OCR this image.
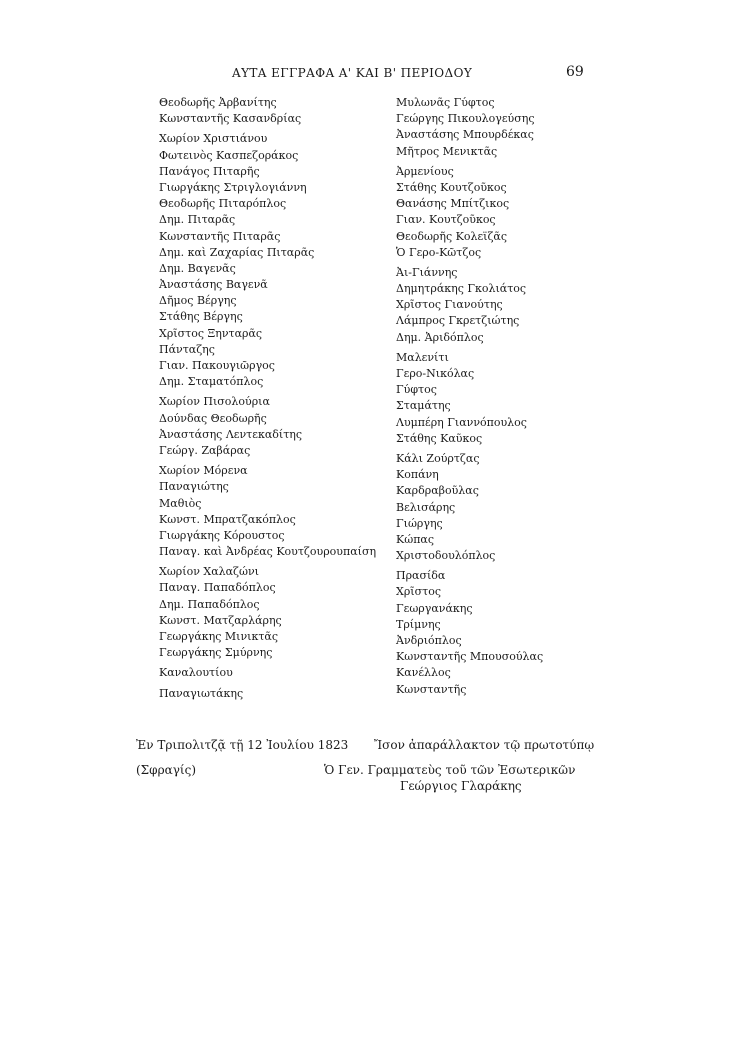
ΑΥΤΑ ΕΓΓΡΑΦΑ Α' ΚΑΙ Β' ΠΕΡΙΟΔΟΥ	69
Θεοδωρῆς Ἀρβανίτης
Κωνσταντῆς Κασανδρίας
Χωρίον Χριστιάνου
Φωτεινὸς Κασπεζοράκος
Πανάγος Πιταρῆς
Γιωργάκης Στριγλογιάννη
Θεοδωρῆς Πιταρόπλος
Δημ. Πιταρᾶς
Κωνσταντῆς Πιταρᾶς
Δημ. καὶ Ζαχαρίας Πιταρᾶς
Δημ. Βαγενᾶς
Ἀναστάσης Βαγενᾶ
Δῆμος Βέργης
Στάθης Βέργης
Χρῖστος Ξηνταρᾶς
Πάνταζης
Γιαν. Πακουγιῶργος
Δημ. Σταματόπλος
Χωρίον Πισολούρια
Δούνδας Θεοδωρῆς
Ἀναστάσης Λεντεκαδίτης
Γεώργ. Ζαβάρας
Χωρίον Μόρενα
Παναγιώτης
Μαθιὸς
Κωνστ. Μπρατζακόπλος
Γιωργάκης Κόρουστος
Παναγ. καὶ Ἀνδρέας Κουτζουρουπαίση
Χωρίον Χαλαζώνι
Παναγ. Παπαδόπλος
Δημ. Παπαδόπλος
Κωνστ. Ματζαρλάρης
Γεωργάκης Μινικτᾶς
Γεωργάκης Σμύρνης
Καναλουτίου
Παναγιωτάκης
Μυλωνᾶς Γύφτος
Γεώργης Πικουλογεύσης
Ἀναστάσης Μπουρδέκας
Μῆτρος Μενικτᾶς
Ἀρμενίους
Στάθης Κουτζοῦκος
Θανάσης Μπίτζικος
Γιαν. Κουτζοῦκος
Θεοδωρῆς Κολεϊζᾶς
Ὁ Γερο-Κῶτζος
Ἀι-Γιάννης
Δημητράκης Γκολιάτος
Χρῖστος Γιανούτης
Λάμπρος Γκρετζιώτης
Δημ. Ἀριδόπλος
Μαλενίτι
Γερο-Νικόλας
Γύφτος
Σταμάτης
Λυμπέρη Γιαννόπουλος
Στάθης Καῦκος
Κάλι Ζούρτζας
Κοπάνη
Καρδραβοῦλας
Βελισάρης
Γιώργης
Κώπας
Χριστοδουλόπλος
Πρασίδα
Χρῖστος
Γεωργανάκης
Τρίμνης
Ἀνδριόπλος
Κωνσταντῆς Μπουσούλας
Κανέλλος
Κωνσταντῆς
Ἐν Τριπολιτζᾷ τῇ 12 Ἰουλίου 1823
(Σφραγίς)
Ἴσον ἀπαράλλακτον τῷ πρωτοτύπῳ
Ὁ Γεν. Γραμματεὺς τοῦ τῶν Ἐσωτερικῶν
Γεώργιος Γλαράκης
